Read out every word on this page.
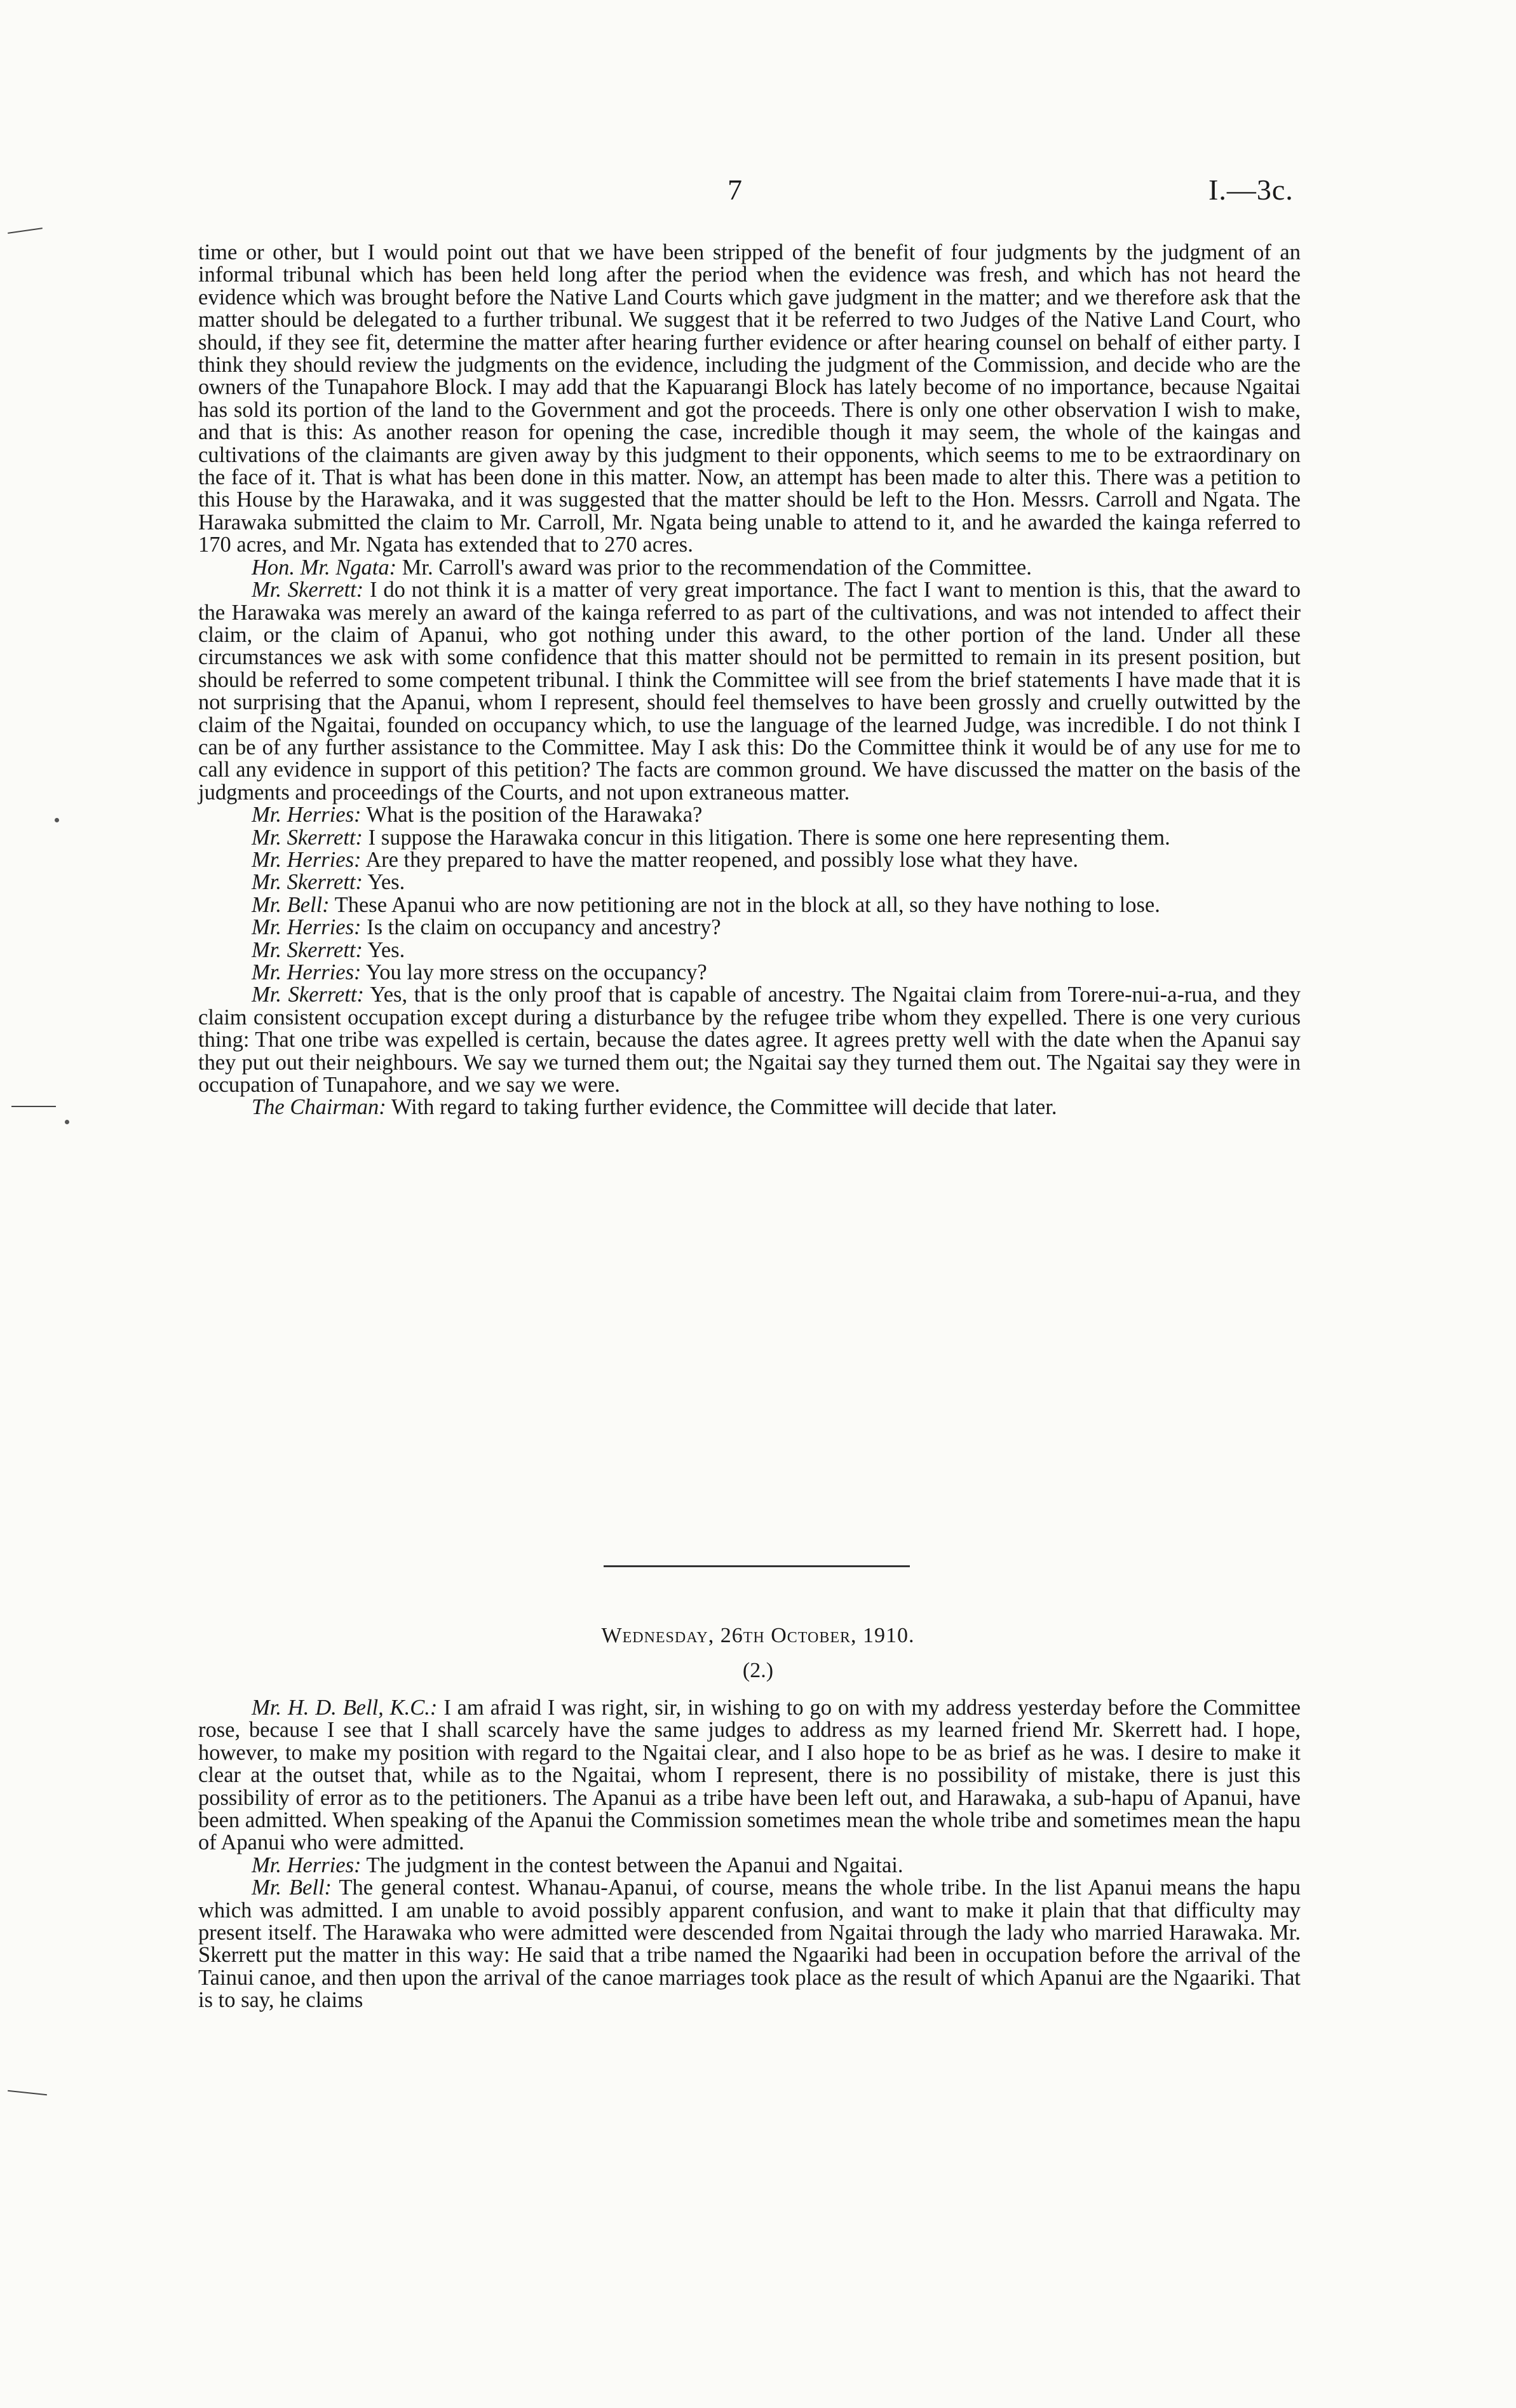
7	I.—3c.

time or other, but I would point out that we have been stripped of the benefit of four judgments by the judgment of an informal tribunal which has been held long after the period when the evidence was fresh, and which has not heard the evidence which was brought before the Native Land Courts which gave judgment in the matter; and we therefore ask that the matter should be delegated to a further tribunal. We suggest that it be referred to two Judges of the Native Land Court, who should, if they see fit, determine the matter after hearing further evidence or after hearing counsel on behalf of either party. I think they should review the judgments on the evidence, including the judgment of the Commission, and decide who are the owners of the Tunapahore Block. I may add that the Kapuarangi Block has lately become of no importance, because Ngaitai has sold its portion of the land to the Government and got the proceeds. There is only one other observation I wish to make, and that is this: As another reason for opening the case, incredible though it may seem, the whole of the kaingas and cultivations of the claimants are given away by this judgment to their opponents, which seems to me to be extraordinary on the face of it. That is what has been done in this matter. Now, an attempt has been made to alter this. There was a petition to this House by the Harawaka, and it was suggested that the matter should be left to the Hon. Messrs. Carroll and Ngata. The Harawaka submitted the claim to Mr. Carroll, Mr. Ngata being unable to attend to it, and he awarded the kainga referred to 170 acres, and Mr. Ngata has extended that to 270 acres.

Hon. Mr. Ngata: Mr. Carroll's award was prior to the recommendation of the Committee.

Mr. Skerrett: I do not think it is a matter of very great importance. The fact I want to mention is this, that the award to the Harawaka was merely an award of the kainga referred to as part of the cultivations, and was not intended to affect their claim, or the claim of Apanui, who got nothing under this award, to the other portion of the land. Under all these circumstances we ask with some confidence that this matter should not be permitted to remain in its present position, but should be referred to some competent tribunal. I think the Committee will see from the brief statements I have made that it is not surprising that the Apanui, whom I represent, should feel themselves to have been grossly and cruelly outwitted by the claim of the Ngaitai, founded on occupancy which, to use the language of the learned Judge, was incredible. I do not think I can be of any further assistance to the Committee. May I ask this: Do the Committee think it would be of any use for me to call any evidence in support of this petition? The facts are common ground. We have discussed the matter on the basis of the judgments and proceedings of the Courts, and not upon extraneous matter.

Mr. Herries: What is the position of the Harawaka?

Mr. Skerrett: I suppose the Harawaka concur in this litigation. There is some one here representing them.

Mr. Herries: Are they prepared to have the matter reopened, and possibly lose what they have.

Mr. Skerrett: Yes.

Mr. Bell: These Apanui who are now petitioning are not in the block at all, so they have nothing to lose.

Mr. Herries: Is the claim on occupancy and ancestry?

Mr. Skerrett: Yes.

Mr. Herries: You lay more stress on the occupancy?

Mr. Skerrett: Yes, that is the only proof that is capable of ancestry. The Ngaitai claim from Torere-nui-a-rua, and they claim consistent occupation except during a disturbance by the refugee tribe whom they expelled. There is one very curious thing: That one tribe was expelled is certain, because the dates agree. It agrees pretty well with the date when the Apanui say they put out their neighbours. We say we turned them out; the Ngaitai say they turned them out. The Ngaitai say they were in occupation of Tunapahore, and we say we were.

The Chairman: With regard to taking further evidence, the Committee will decide that later.

Wednesday, 26th October, 1910.
(2.)

Mr. H. D. Bell, K.C.: I am afraid I was right, sir, in wishing to go on with my address yesterday before the Committee rose, because I see that I shall scarcely have the same judges to address as my learned friend Mr. Skerrett had. I hope, however, to make my position with regard to the Ngaitai clear, and I also hope to be as brief as he was. I desire to make it clear at the outset that, while as to the Ngaitai, whom I represent, there is no possibility of mistake, there is just this possibility of error as to the petitioners. The Apanui as a tribe have been left out, and Harawaka, a sub-hapu of Apanui, have been admitted. When speaking of the Apanui the Commission sometimes mean the whole tribe and sometimes mean the hapu of Apanui who were admitted.

Mr. Herries: The judgment in the contest between the Apanui and Ngaitai.

Mr. Bell: The general contest. Whanau-Apanui, of course, means the whole tribe. In the list Apanui means the hapu which was admitted. I am unable to avoid possibly apparent confusion, and want to make it plain that that difficulty may present itself. The Harawaka who were admitted were descended from Ngaitai through the lady who married Harawaka. Mr. Skerrett put the matter in this way: He said that a tribe named the Ngaariki had been in occupation before the arrival of the Tainui canoe, and then upon the arrival of the canoe marriages took place as the result of which Apanui are the Ngaariki. That is to say, he claims
